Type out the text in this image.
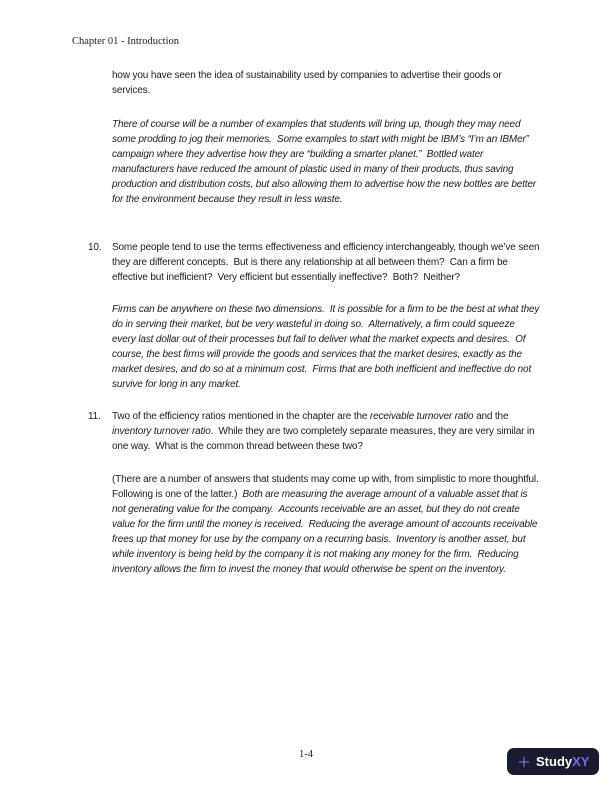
Chapter 01 - Introduction
how you have seen the idea of sustainability used by companies to advertise their goods or services.
There of course will be a number of examples that students will bring up, though they may need some prodding to jog their memories.  Some examples to start with might be IBM’s “I’m an IBMer” campaign where they advertise how they are “building a smarter planet.”  Bottled water manufacturers have reduced the amount of plastic used in many of their products, thus saving production and distribution costs, but also allowing them to advertise how the new bottles are better for the environment because they result in less waste.
10.	Some people tend to use the terms effectiveness and efficiency interchangeably, though we’ve seen they are different concepts.  But is there any relationship at all between them?  Can a firm be effective but inefficient?  Very efficient but essentially ineffective?  Both?  Neither?
Firms can be anywhere on these two dimensions.  It is possible for a firm to be the best at what they do in serving their market, but be very wasteful in doing so.  Alternatively, a firm could squeeze every last dollar out of their processes but fail to deliver what the market expects and desires.  Of course, the best firms will provide the goods and services that the market desires, exactly as the market desires, and do so at a minimum cost.  Firms that are both inefficient and ineffective do not survive for long in any market.
11.	Two of the efficiency ratios mentioned in the chapter are the receivable turnover ratio and the inventory turnover ratio.  While they are two completely separate measures, they are very similar in one way.  What is the common thread between these two?
(There are a number of answers that students may come up with, from simplistic to more thoughtful.  Following is one of the latter.)  Both are measuring the average amount of a valuable asset that is not generating value for the company.  Accounts receivable are an asset, but they do not create value for the firm until the money is received.  Reducing the average amount of accounts receivable frees up that money for use by the company on a recurring basis.  Inventory is another asset, but while inventory is being held by the company it is not making any money for the firm.  Reducing inventory allows the firm to invest the money that would otherwise be spent on the inventory.
1-4	Study XY
